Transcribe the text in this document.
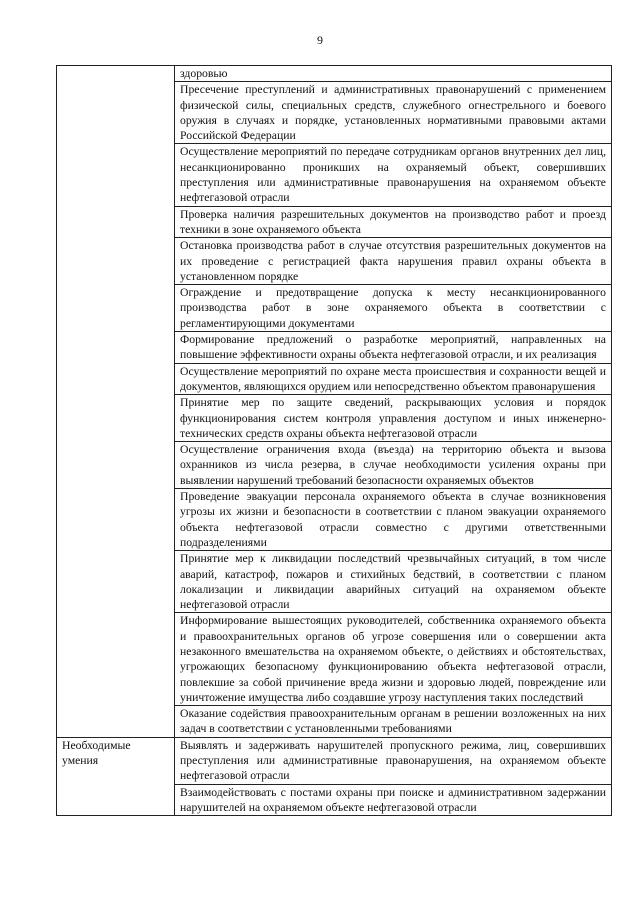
9
	здоровью
	Пресечение преступлений и административных правонарушений с применением физической силы, специальных средств, служебного огнестрельного и боевого оружия в случаях и порядке, установленных нормативными правовыми актами Российской Федерации
	Осуществление мероприятий по передаче сотрудникам органов внутренних дел лиц, несанкционированно проникших на охраняемый объект, совершивших преступления или административные правонарушения на охраняемом объекте нефтегазовой отрасли
	Проверка наличия разрешительных документов на производство работ и проезд техники в зоне охраняемого объекта
	Остановка производства работ в случае отсутствия разрешительных документов на их проведение с регистрацией факта нарушения правил охраны объекта в установленном порядке
	Ограждение и предотвращение допуска к месту несанкционированного производства работ в зоне охраняемого объекта в соответствии с регламентирующими документами
	Формирование предложений о разработке мероприятий, направленных на повышение эффективности охраны объекта нефтегазовой отрасли, и их реализация
	Осуществление мероприятий по охране места происшествия и сохранности вещей и документов, являющихся орудием или непосредственно объектом правонарушения
	Принятие мер по защите сведений, раскрывающих условия и порядок функционирования систем контроля управления доступом и иных инженерно-технических средств охраны объекта нефтегазовой отрасли
	Осуществление ограничения входа (въезда) на территорию объекта и вызова охранников из числа резерва, в случае необходимости усиления охраны при выявлении нарушений требований безопасности охраняемых объектов
	Проведение эвакуации персонала охраняемого объекта в случае возникновения угрозы их жизни и безопасности в соответствии с планом эвакуации охраняемого объекта нефтегазовой отрасли совместно с другими ответственными подразделениями
	Принятие мер к ликвидации последствий чрезвычайных ситуаций, в том числе аварий, катастроф, пожаров и стихийных бедствий, в соответствии с планом локализации и ликвидации аварийных ситуаций на охраняемом объекте нефтегазовой отрасли
	Информирование вышестоящих руководителей, собственника охраняемого объекта и правоохранительных органов об угрозе совершения или о совершении акта незаконного вмешательства на охраняемом объекте, о действиях и обстоятельствах, угрожающих безопасному функционированию объекта нефтегазовой отрасли, повлекшие за собой причинение вреда жизни и здоровью людей, повреждение или уничтожение имущества либо создавшие угрозу наступления таких последствий
	Оказание содействия правоохранительным органам в решении возложенных на них задач в соответствии с установленными требованиями
Необходимые умения	Выявлять и задерживать нарушителей пропускного режима, лиц, совершивших преступления или административные правонарушения, на охраняемом объекте нефтегазовой отрасли
	Взаимодействовать с постами охраны при поиске и административном задержании нарушителей на охраняемом объекте нефтегазовой отрасли
